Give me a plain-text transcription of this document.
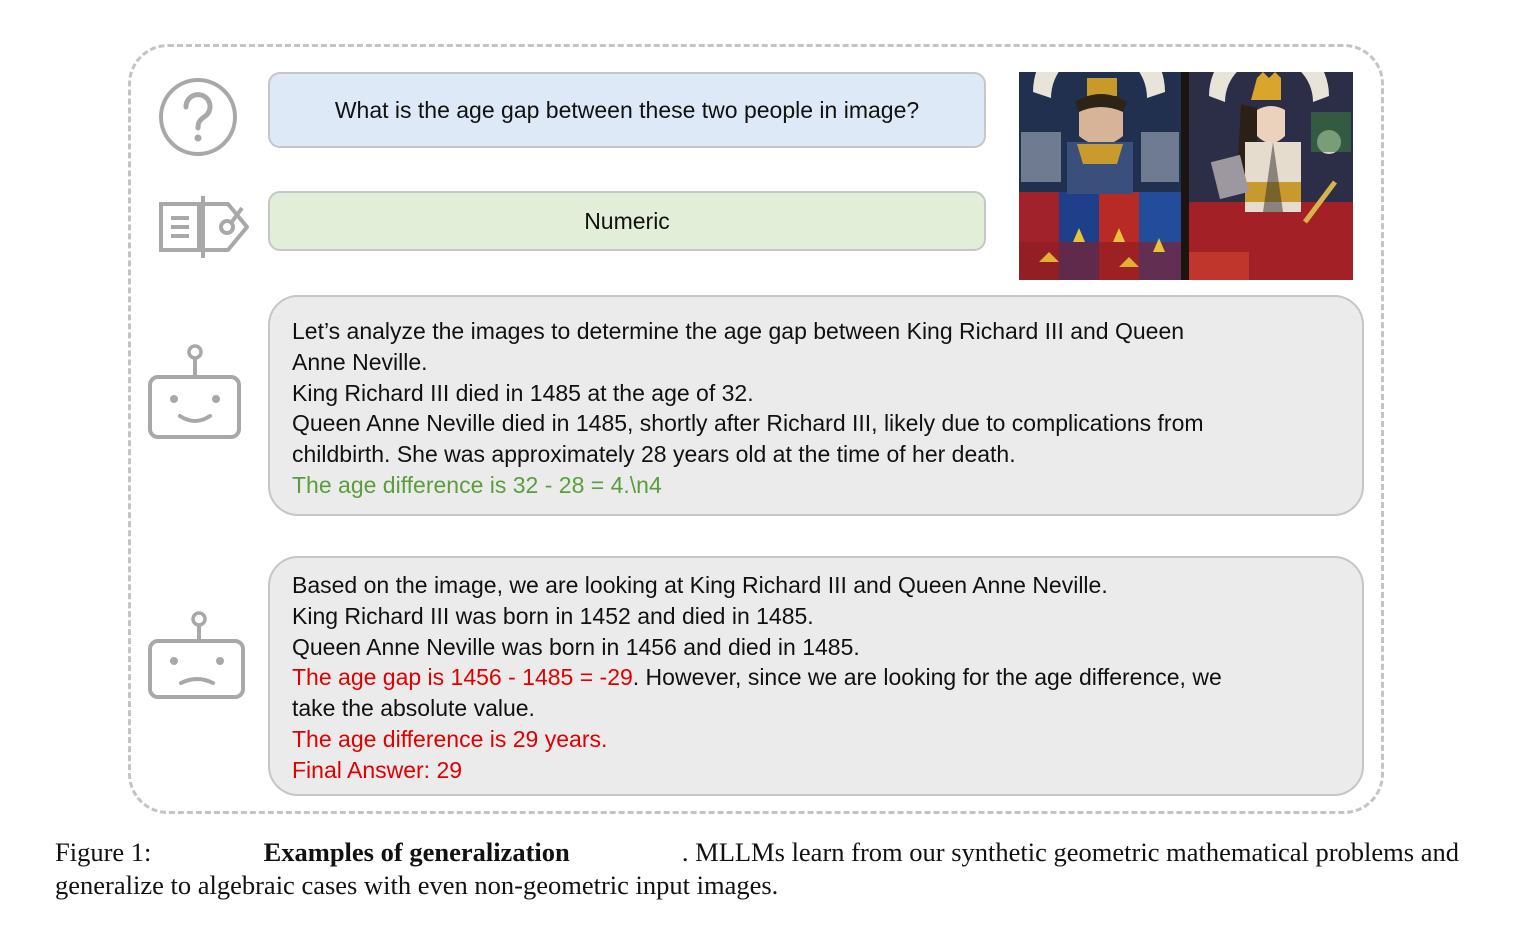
What is the age gap between these two people in image?
Numeric
Let’s analyze the images to determine the age gap between King Richard III and Queen
Anne Neville.
King Richard III died in 1485 at the age of 32.
Queen Anne Neville died in 1485, shortly after Richard III, likely due to complications from
childbirth. She was approximately 28 years old at the time of her death.
The age difference is 32 - 28 = 4.\n4
Based on the image, we are looking at King Richard III and Queen Anne Neville.
King Richard III was born in 1452 and died in 1485.
Queen Anne Neville was born in 1456 and died in 1485.
The age gap is 1456 - 1485 = -29. However, since we are looking for the age difference, we
take the absolute value.
The age difference is 29 years.
Final Answer: 29
Figure 1:	Examples of generalization	. MLLMs learn from our synthetic geometric mathematical problems and
generalize to algebraic cases with even non-geometric input images.
